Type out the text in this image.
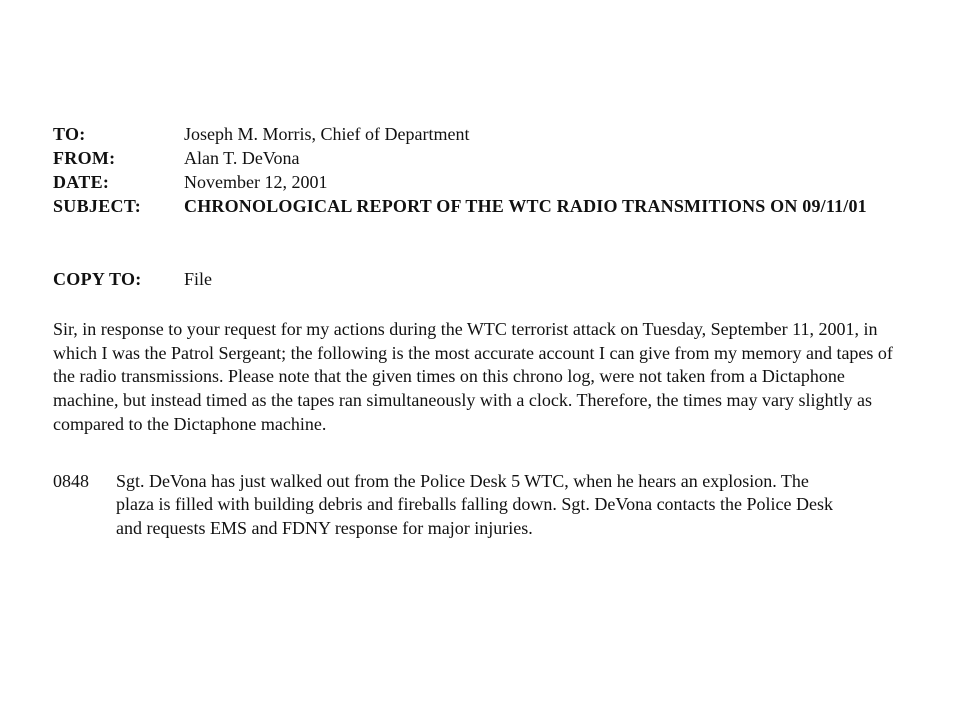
TO:	Joseph M. Morris, Chief of Department
FROM:	Alan T. DeVona
DATE:	November 12, 2001
SUBJECT:	CHRONOLOGICAL REPORT OF THE WTC RADIO TRANSMITIONS ON 09/11/01
COPY TO:	File
Sir, in response to your request for my actions during the WTC terrorist attack on Tuesday, September 11, 2001, in which I was the Patrol Sergeant; the following is the most accurate account I can give from my memory and tapes of the radio transmissions. Please note that the given times on this chrono log, were not taken from a Dictaphone machine, but instead timed as the tapes ran simultaneously with a clock. Therefore, the times may vary slightly as compared to the Dictaphone machine.
0848	Sgt. DeVona has just walked out from the Police Desk 5 WTC, when he hears an explosion. The plaza is filled with building debris and fireballs falling down. Sgt. DeVona contacts the Police Desk and requests EMS and FDNY response for major injuries.
